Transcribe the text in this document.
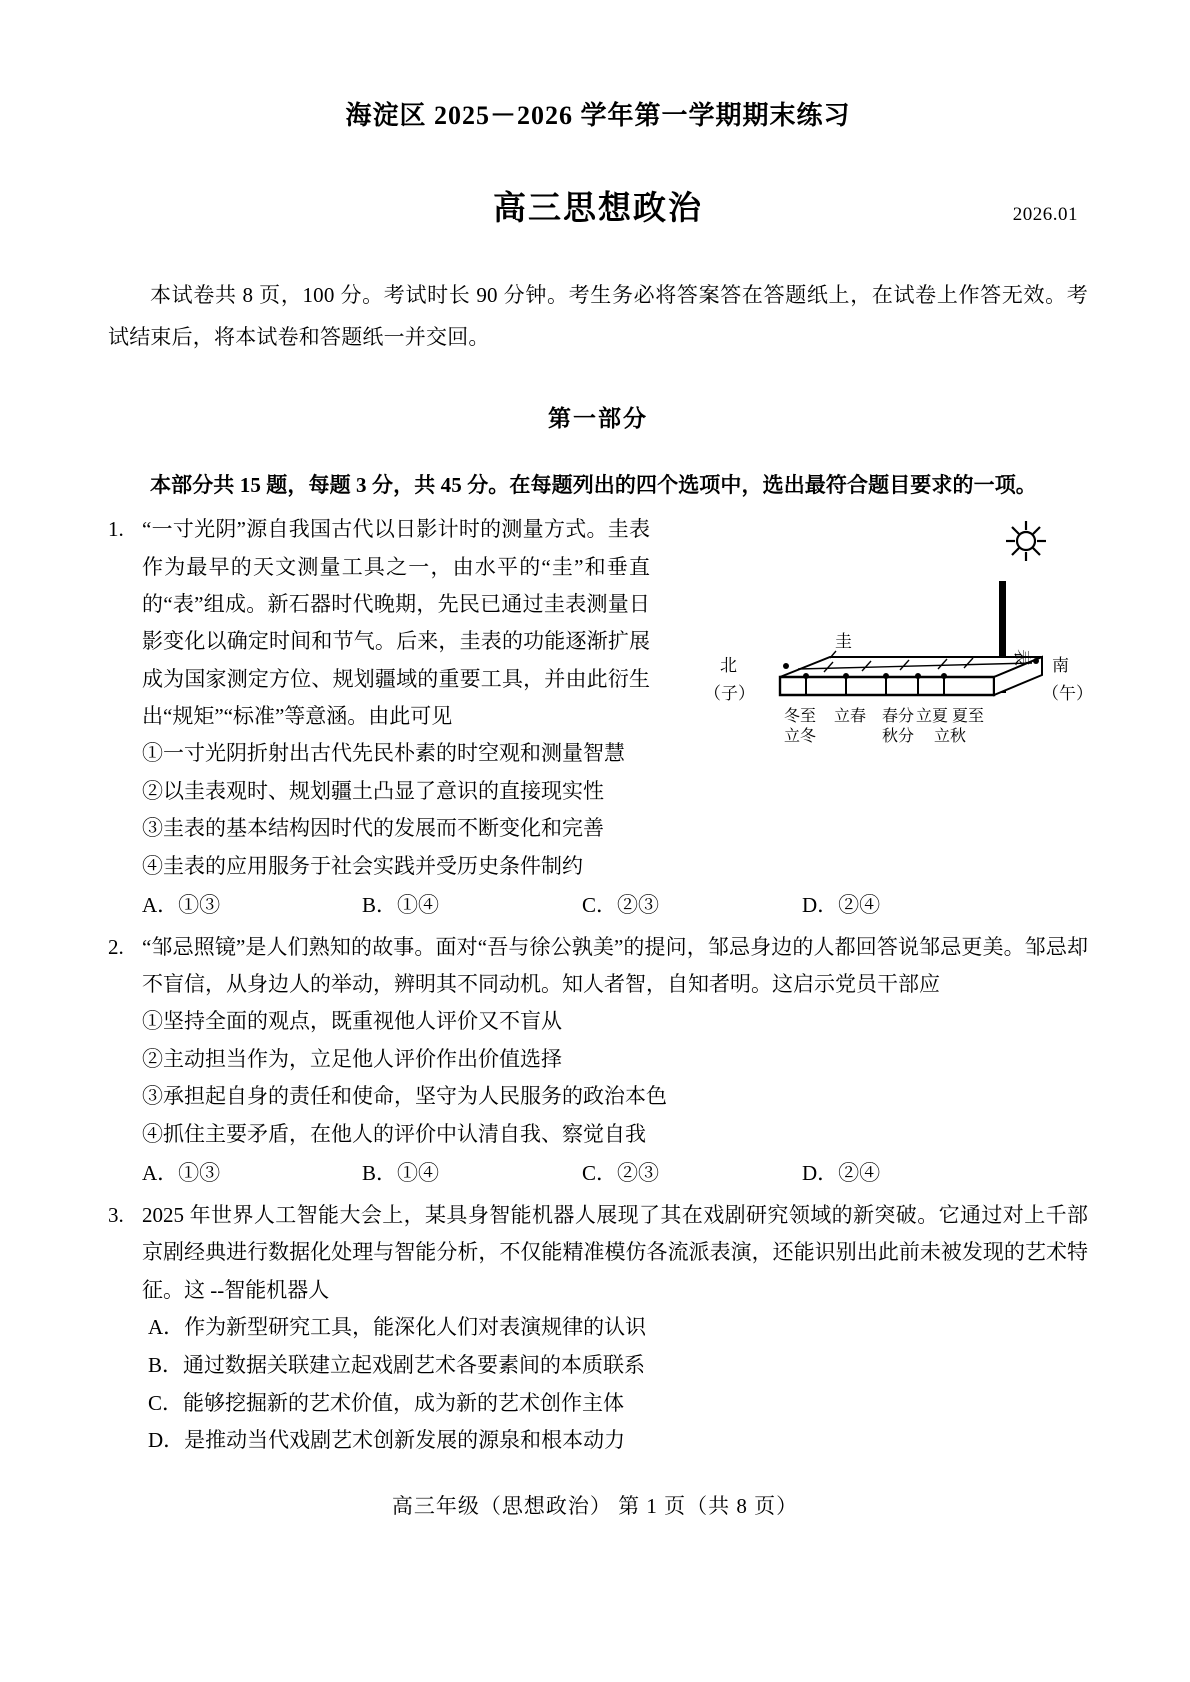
海淀区 2025－2026 学年第一学期期末练习
高三思想政治	2026.01
本试卷共 8 页，100 分。考试时长 90 分钟。考生务必将答案答在答题纸上，在试卷上作答无效。考试结束后，将本试卷和答题纸一并交回。
第一部分
本部分共 15 题，每题 3 分，共 45 分。在每题列出的四个选项中，选出最符合题目要求的一项。
1. “一寸光阴”源自我国古代以日影计时的测量方式。圭表作为最早的天文测量工具之一，由水平的“圭”和垂直的“表”组成。新石器时代晚期，先民已通过圭表测量日影变化以确定时间和节气。后来，圭表的功能逐渐扩展成为国家测定方位、规划疆域的重要工具，并由此衍生出“规矩”“标准”等意涵。由此可见
表
圭
北
（子）
南
（午）
冬至 立春 春分 立夏 夏至
立冬	秋分 立秋

①一寸光阴折射出古代先民朴素的时空观和测量智慧

②以圭表观时、规划疆土凸显了意识的直接现实性

③圭表的基本结构因时代的发展而不断变化和完善

④圭表的应用服务于社会实践并受历史条件制约

A．①③	B．①④	C．②③	D．②④
2. “邹忌照镜”是人们熟知的故事。面对“吾与徐公孰美”的提问，邹忌身边的人都回答说邹忌更美。邹忌却不盲信，从身边人的举动，辨明其不同动机。知人者智，自知者明。这启示党员干部应

①坚持全面的观点，既重视他人评价又不盲从

②主动担当作为，立足他人评价作出价值选择

③承担起自身的责任和使命，坚守为人民服务的政治本色

④抓住主要矛盾，在他人的评价中认清自我、察觉自我

A．①③	B．①④	C．②③	D．②④
3. 2025 年世界人工智能大会上，某具身智能机器人展现了其在戏剧研究领域的新突破。它通过对上千部京剧经典进行数据化处理与智能分析，不仅能精准模仿各流派表演，还能识别出此前未被发现的艺术特征。这 --智能机器人

A．作为新型研究工具，能深化人们对表演规律的认识

B．通过数据关联建立起戏剧艺术各要素间的本质联系

C．能够挖掘新的艺术价值，成为新的艺术创作主体

D．是推动当代戏剧艺术创新发展的源泉和根本动力

高三年级（思想政治） 第 1 页（共 8 页）
